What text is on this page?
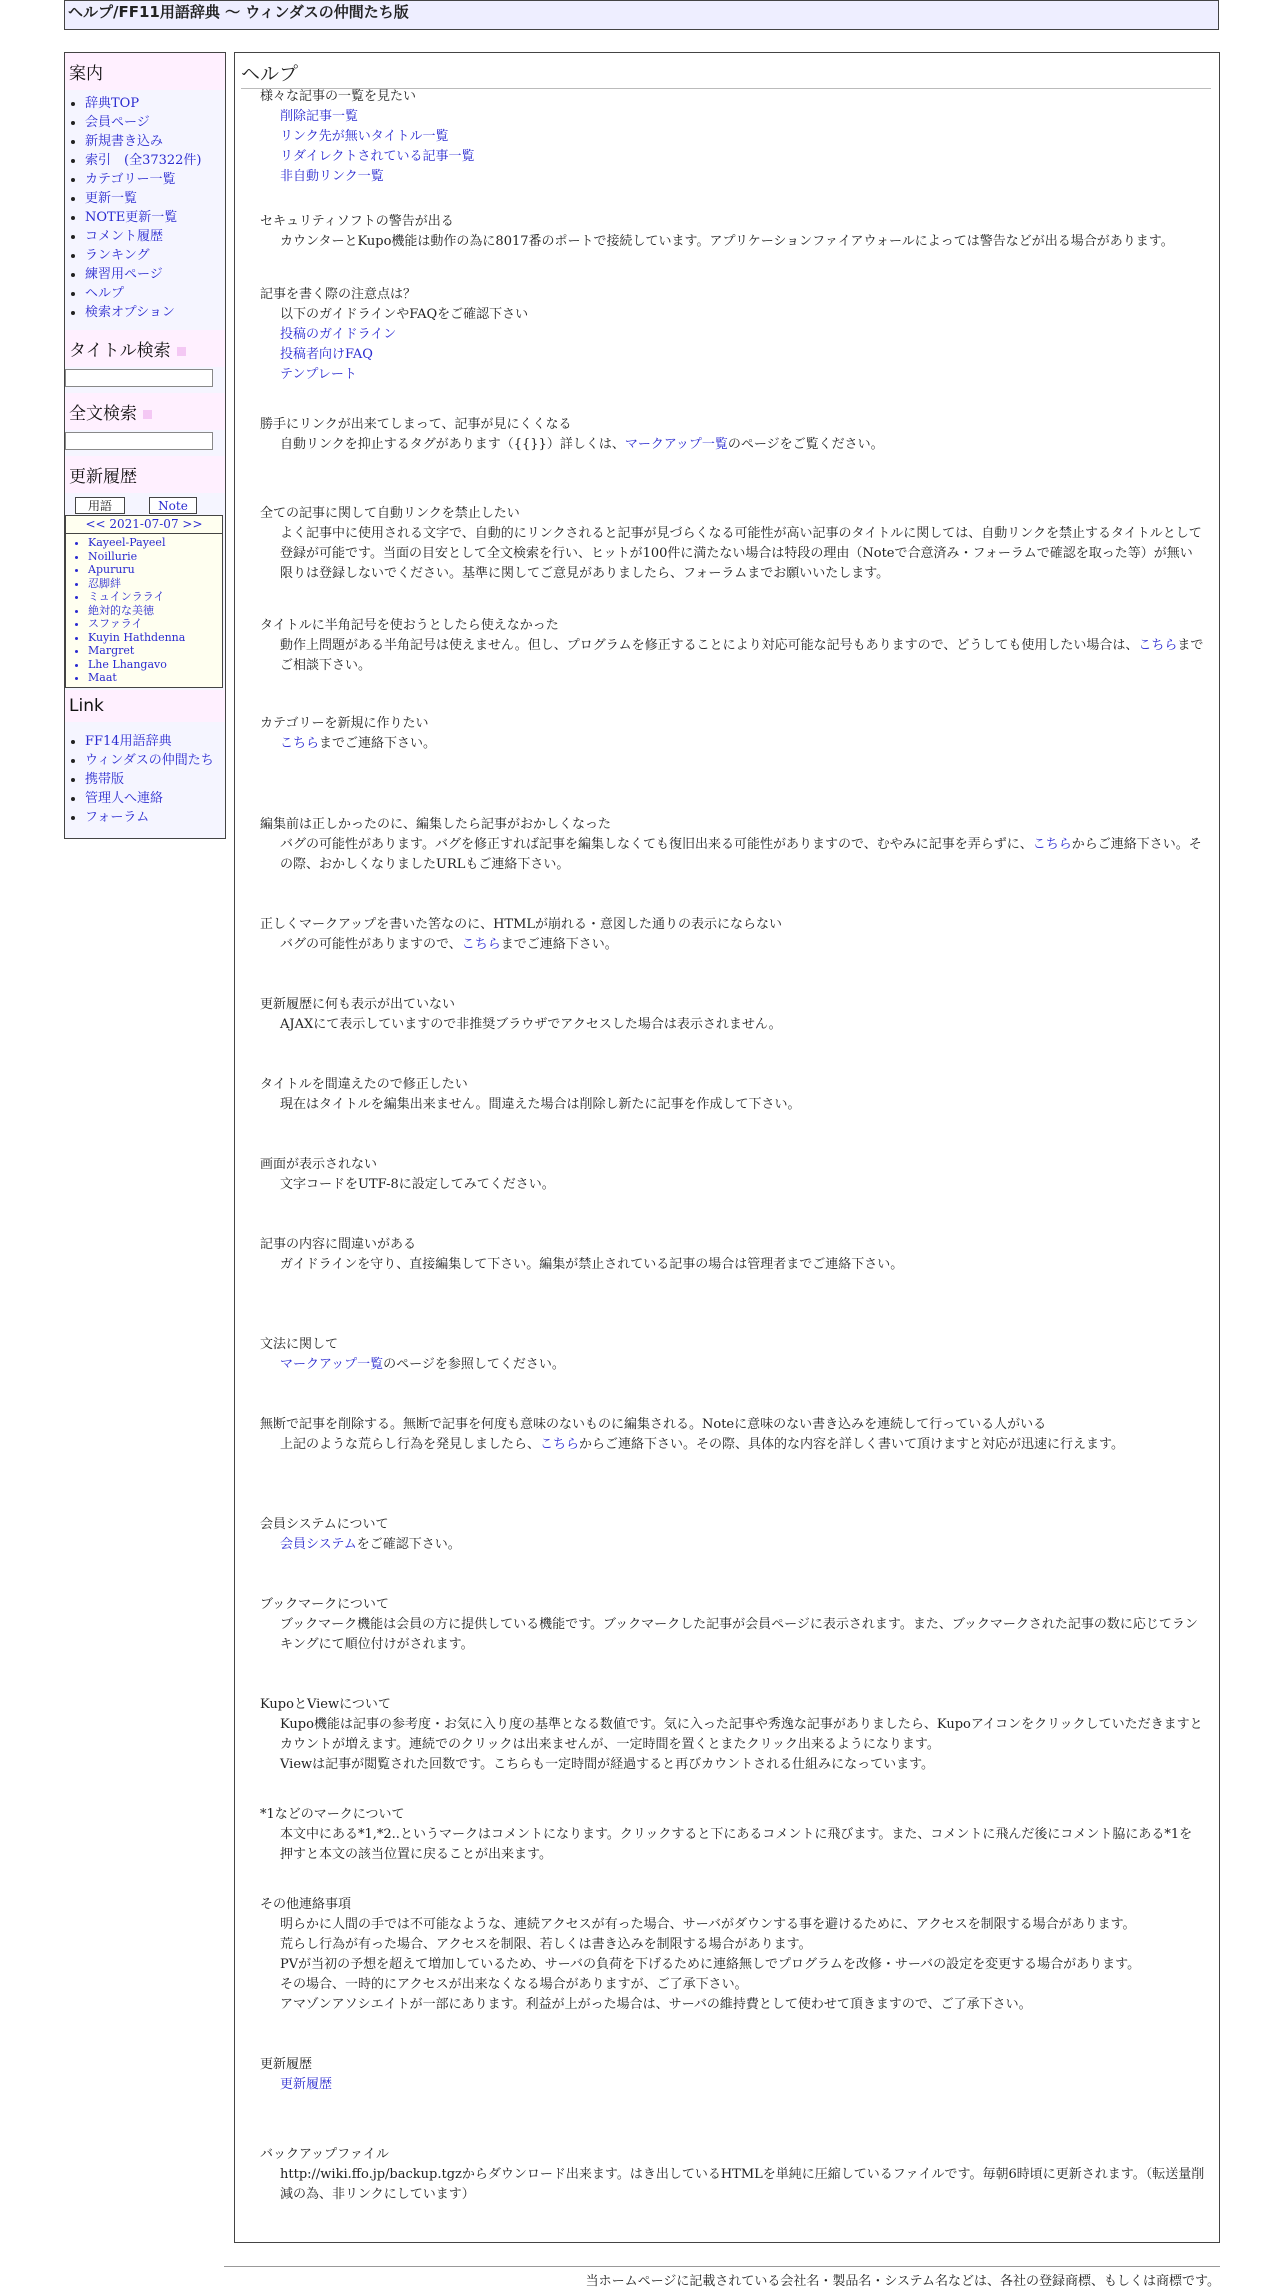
ヘルプ/FF11用語辞典 ～ ウィンダスの仲間たち版
案内
• 辞典TOP
• 会員ページ
• 新規書き込み
• 索引　(全37322件)
• カテゴリー一覧
• 更新一覧
• NOTE更新一覧
• コメント履歴
• ランキング
• 練習用ページ
• ヘルプ
• 検索オプション
タイトル検索
全文検索
更新履歴
用語	Note
<< 2021-07-07 >>
• Kayeel-Payeel
• Noillurie
• Apururu
• 忍脚絆
• ミュインラライ
• 絶対的な美徳
• スファライ
• Kuyin Hathdenna
• Margret
• Lhe Lhangavo
• Maat
Link
• FF14用語辞典
• ウィンダスの仲間たち
• 携帯版
• 管理人へ連絡
• フォーラム
ヘルプ
様々な記事の一覧を見たい
削除記事一覧
リンク先が無いタイトル一覧
リダイレクトされている記事一覧
非自動リンク一覧
セキュリティソフトの警告が出る
カウンターとKupo機能は動作の為に8017番のポートで接続しています。アプリケーションファイアウォールによっては警告などが出る場合があります。
記事を書く際の注意点は？
以下のガイドラインやFAQをご確認下さい
投稿のガイドライン
投稿者向けFAQ
テンプレート
勝手にリンクが出来てしまって、記事が見にくくなる
自動リンクを抑止するタグがあります（{{}}）詳しくは、マークアップ一覧のページをご覧ください。
全ての記事に関して自動リンクを禁止したい
よく記事中に使用される文字で、自動的にリンクされると記事が見づらくなる可能性が高い記事のタイトルに関しては、自動リンクを禁止するタイトルとして登録が可能です。当面の目安として全文検索を行い、ヒットが100件に満たない場合は特段の理由（Noteで合意済み・フォーラムで確認を取った等）が無い限りは登録しないでください。基準に関してご意見がありましたら、フォーラムまでお願いいたします。
タイトルに半角記号を使おうとしたら使えなかった
動作上問題がある半角記号は使えません。但し、プログラムを修正することにより対応可能な記号もありますので、どうしても使用したい場合は、こちらまでご相談下さい。
カテゴリーを新規に作りたい
こちらまでご連絡下さい。
編集前は正しかったのに、編集したら記事がおかしくなった
バグの可能性があります。バグを修正すれば記事を編集しなくても復旧出来る可能性がありますので、むやみに記事を弄らずに、こちらからご連絡下さい。その際、おかしくなりましたURLもご連絡下さい。
正しくマークアップを書いた筈なのに、HTMLが崩れる・意図した通りの表示にならない
バグの可能性がありますので、こちらまでご連絡下さい。
更新履歴に何も表示が出ていない
AJAXにて表示していますので非推奨ブラウザでアクセスした場合は表示されません。
タイトルを間違えたので修正したい
現在はタイトルを編集出来ません。間違えた場合は削除し新たに記事を作成して下さい。
画面が表示されない
文字コードをUTF-8に設定してみてください。
記事の内容に間違いがある
ガイドラインを守り、直接編集して下さい。編集が禁止されている記事の場合は管理者までご連絡下さい。
文法に関して
マークアップ一覧のページを参照してください。
無断で記事を削除する。無断で記事を何度も意味のないものに編集される。Noteに意味のない書き込みを連続して行っている人がいる
上記のような荒らし行為を発見しましたら、こちらからご連絡下さい。その際、具体的な内容を詳しく書いて頂けますと対応が迅速に行えます。
会員システムについて
会員システムをご確認下さい。
ブックマークについて
ブックマーク機能は会員の方に提供している機能です。ブックマークした記事が会員ページに表示されます。また、ブックマークされた記事の数に応じてランキングにて順位付けがされます。
KupoとViewについて
Kupo機能は記事の参考度・お気に入り度の基準となる数値です。気に入った記事や秀逸な記事がありましたら、Kupoアイコンをクリックしていただきますとカウントが増えます。連続でのクリックは出来ませんが、一定時間を置くとまたクリック出来るようになります。
Viewは記事が閲覧された回数です。こちらも一定時間が経過すると再びカウントされる仕組みになっています。
*1などのマークについて
本文中にある*1,*2..というマークはコメントになります。クリックすると下にあるコメントに飛びます。また、コメントに飛んだ後にコメント脇にある*1を押すと本文の該当位置に戻ることが出来ます。
その他連絡事項
明らかに人間の手では不可能なような、連続アクセスが有った場合、サーバがダウンする事を避けるために、アクセスを制限する場合があります。
荒らし行為が有った場合、アクセスを制限、若しくは書き込みを制限する場合があります。
PVが当初の予想を超えて増加しているため、サーバの負荷を下げるために連絡無しでプログラムを改修・サーバの設定を変更する場合があります。
その場合、一時的にアクセスが出来なくなる場合がありますが、ご了承下さい。
アマゾンアソシエイトが一部にあります。利益が上がった場合は、サーバの維持費として使わせて頂きますので、ご了承下さい。
更新履歴
更新履歴
バックアップファイル
http://wiki.ffo.jp/backup.tgzからダウンロード出来ます。はき出しているHTMLを単純に圧縮しているファイルです。毎朝6時頃に更新されます。（転送量削減の為、非リンクにしています）
当ホームページに記載されている会社名・製品名・システム名などは、各社の登録商標、もしくは商標です。
